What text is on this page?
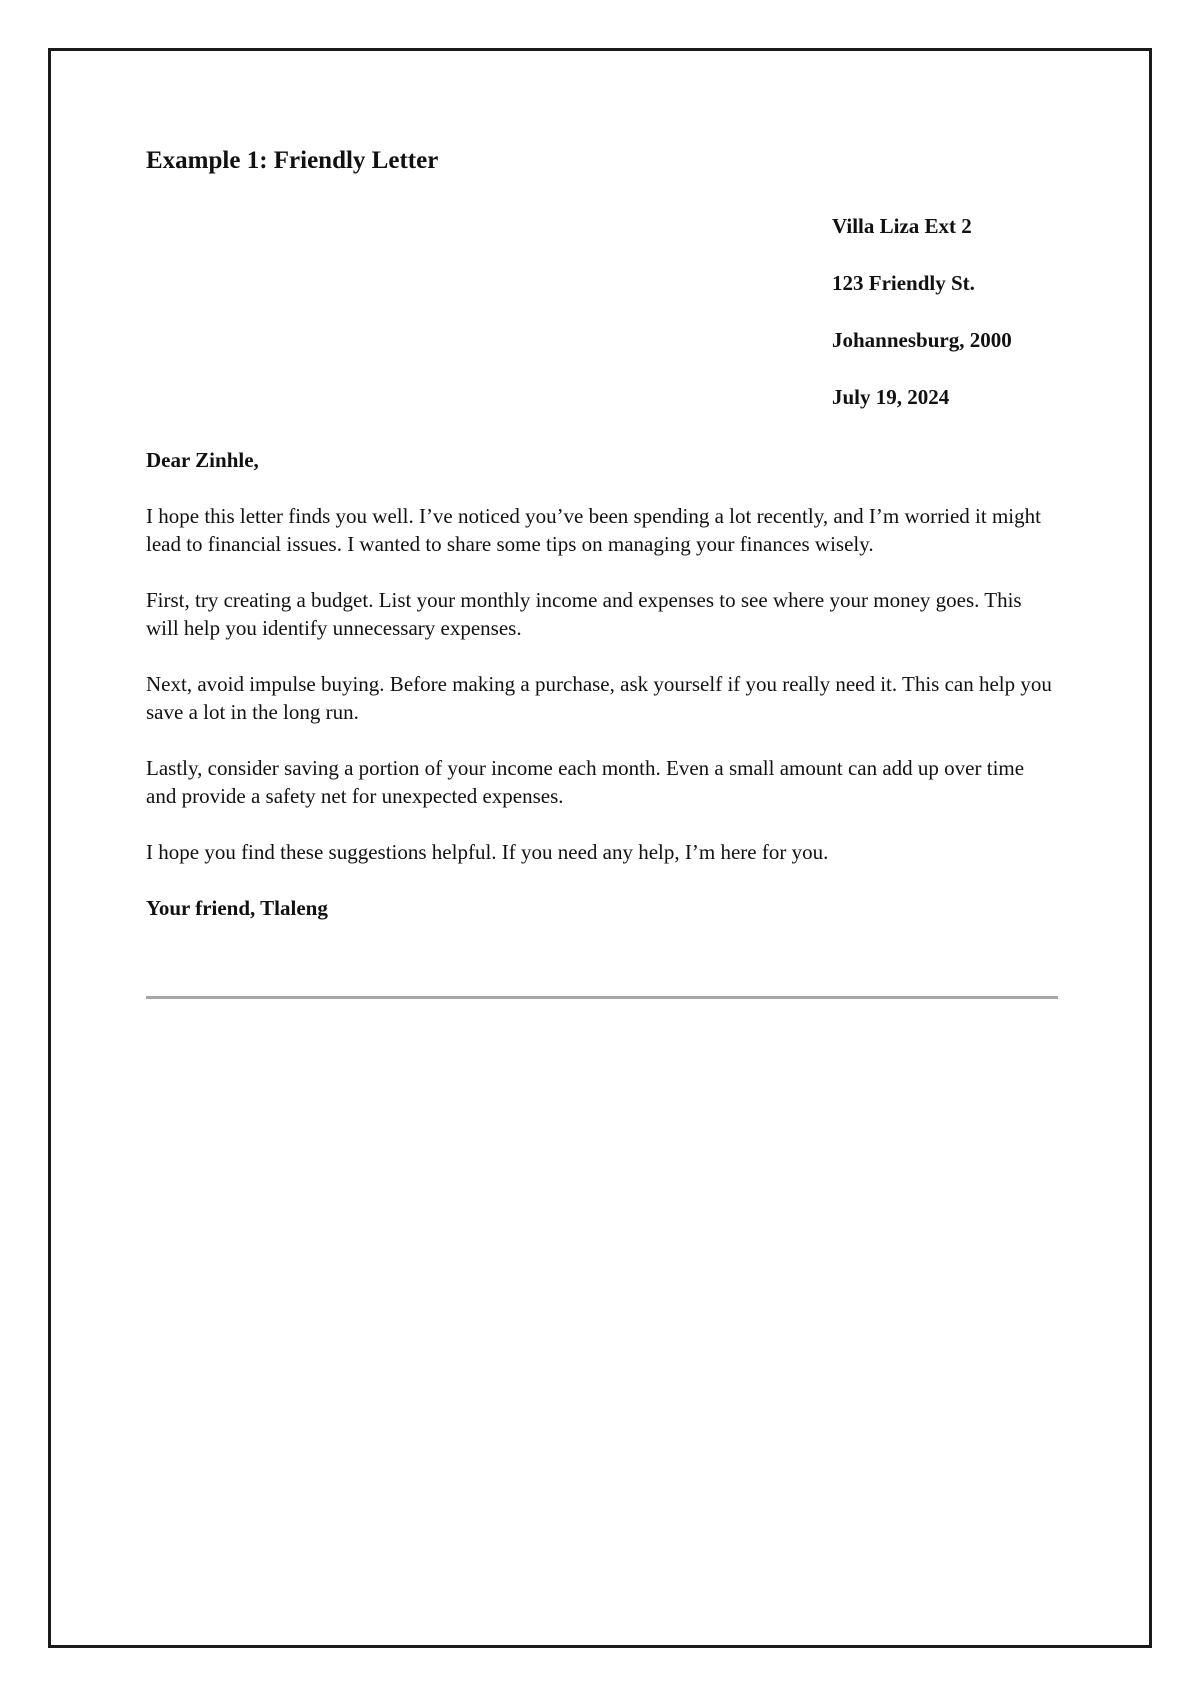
Example 1: Friendly Letter
Villa Liza Ext 2
123 Friendly St.
Johannesburg, 2000
July 19, 2024

Dear Zinhle,

I hope this letter finds you well. I’ve noticed you’ve been spending a lot recently, and I’m worried it might lead to financial issues. I wanted to share some tips on managing your finances wisely.

First, try creating a budget. List your monthly income and expenses to see where your money goes. This will help you identify unnecessary expenses.

Next, avoid impulse buying. Before making a purchase, ask yourself if you really need it. This can help you save a lot in the long run.

Lastly, consider saving a portion of your income each month. Even a small amount can add up over time and provide a safety net for unexpected expenses.

I hope you find these suggestions helpful. If you need any help, I’m here for you.

Your friend, Tlaleng
